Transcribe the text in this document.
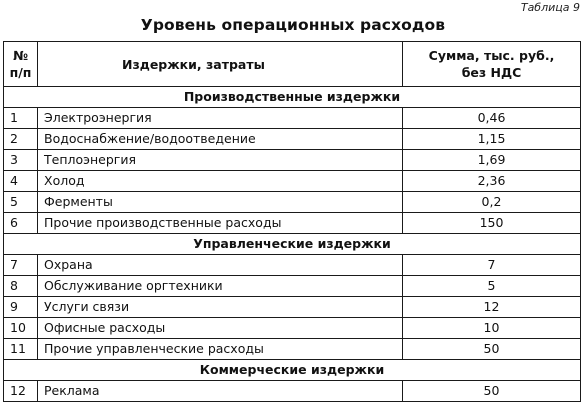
Таблица 9
Уровень операционных расходов
№
п/п	Издержки, затраты	Сумма, тыс. руб.,
без НДС

Производственные издержки		
1	Электроэнергия	0,46
2	Водоснабжение/водоотведение	1,15
3	Теплоэнергия	1,69
4	Холод	2,36
5	Ферменты	0,2
6	Прочие производственные расходы	150
Управленческие издержки		
7	Охрана	7
8	Обслуживание оргтехники	5
9	Услуги связи	12
10	Офисные расходы	10
11	Прочие управленческие расходы	50
Коммерческие издержки		
12	Реклама	50
